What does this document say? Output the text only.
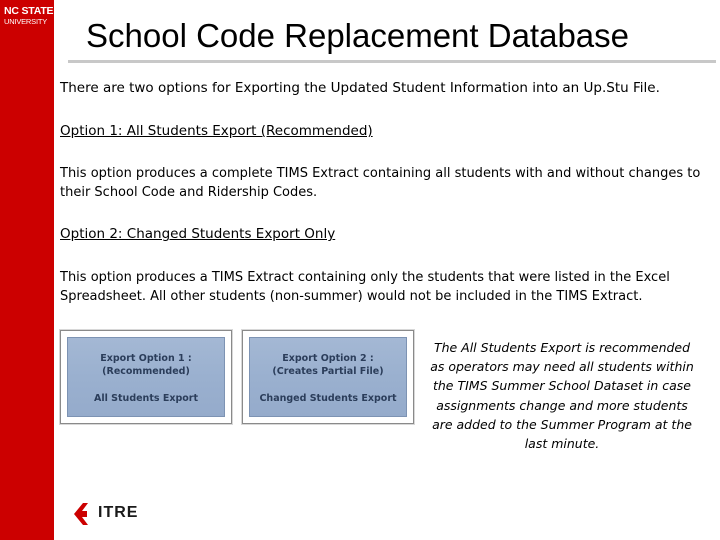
NC STATE
UNIVERSITY School Code Replacement Database
There are two options for Exporting the Updated Student Information into an Up.Stu File.
Option 1: All Students Export (Recommended)
This option produces a complete TIMS Extract containing all students with and without changes to their School Code and Ridership Codes.
Option 2: Changed Students Export Only
This option produces a TIMS Extract containing only the students that were listed in the Excel Spreadsheet. All other students (non-summer) would not be included in the TIMS Extract.
Export Option 1 :
(Recommended)
All Students Export
Export Option 2 :
(Creates Partial File)
Changed Students Export
The All Students Export is recommended as operators may need all students within the TIMS Summer School Dataset in case assignments change and more students are added to the Summer Program at the last minute.
ITRE
